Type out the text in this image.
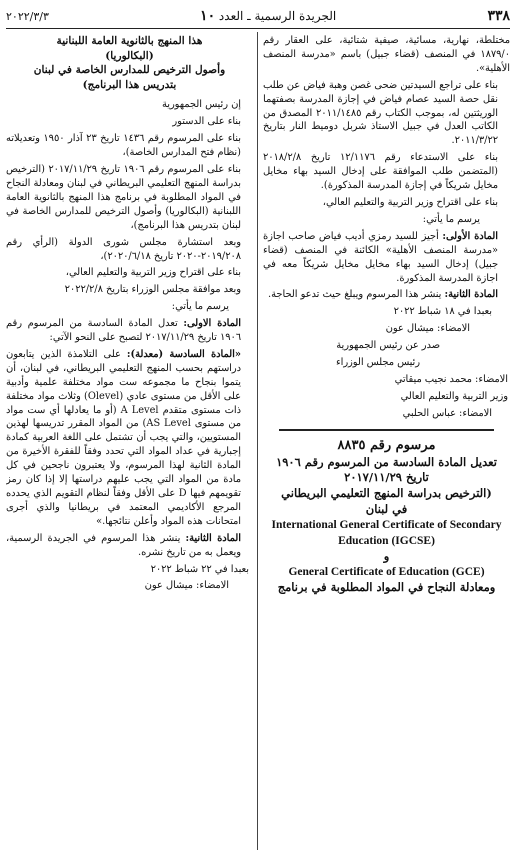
٣٣٨
الجريدة الرسمية ـ العدد ١٠
٢٠٢٢/٣/٣

مختلطة، نهارية، مسائية، صيفية شتائية، على العقار رقم ١٨٧٩/٠ في المنصف (قضاء جبيل) باسم «مدرسة المنصف الأهلية».

بناء على تراجع السيدتين ضحى غصن وهبة فياض عن طلب نقل حصة السيد عصام فياض في إجازة المدرسة بصفتهما الوريثتين له، بموجب الكتاب رقم ٢٠١١/١٤٨٥ المصدق من الكاتب العدل في جبيل الاستاذ شربل دوميط النار بتاريخ ٢٠١١/٣/٢٢.

بناء على الاستدعاء رقم ١٢/١١٧٦ تاريخ ٢٠١٨/٢/٨ (المتضمن طلب الموافقة على إدخال السيد بهاء مخايل مخايل شريكاً في إجازة المدرسة المذكورة).

بناء على اقتراح وزير التربية والتعليم العالي،

يرسم ما يأتي:

المادة الأولى: أجيز للسيد رمزي أديب فياض صاحب اجازة «مدرسة المنصف الأهلية» الكائنة في المنصف (قضاء جبيل) إدخال السيد بهاء مخايل مخايل شريكاً معه في اجازة المدرسة المذكورة.

المادة الثانية: ينشر هذا المرسوم ويبلغ حيث تدعو الحاجة.

بعبدا في ١٨ شباط ٢٠٢٢

الامضاء: ميشال عون

صدر عن رئيس الجمهورية

رئيس مجلس الوزراء

الامضاء: محمد نجيب ميقاتي

وزير التربية والتعليم العالي

الامضاء: عباس الحلبي

مرسوم رقم ٨٨٣٥
تعديل المادة السادسة من المرسوم رقم ١٩٠٦
تاريخ ٢٠١٧/١١/٢٩
(الترخيص بدراسة المنهج التعليمي البريطاني
في لبنان
International General Certificate of Secondary Education (IGCSE)
و
General Certificate of Education (GCE)
ومعادلة النجاح في المواد المطلوبة في برنامج
هذا المنهج بالثانوية العامة اللبنانية
(البكالوريا)
وأصول الترخيص للمدارس الخاصة في لبنان
بتدريس هذا البرنامج)

إن رئيس الجمهورية

بناء على الدستور

بناء على المرسوم رقم ١٤٣٦ تاريخ ٢٣ آذار ١٩٥٠ وتعديلاته (نظام فتح المدارس الخاصة)،

بناء على المرسوم رقم ١٩٠٦ تاريخ ٢٠١٧/١١/٢٩ (الترخيص بدراسة المنهج التعليمي البريطاني في لبنان ومعادلة النجاح في المواد المطلوبة في برنامج هذا المنهج بالثانوية العامة اللبنانية (البكالوريا) وأصول الترخيص للمدارس الخاصة في لبنان بتدريس هذا البرنامج)،

وبعد استشارة مجلس شورى الدولة (الرأي رقم ٢٠١٩/٢٠٨-٢٠٢٠ تاريخ ٢٠٢٠/٦/١٨)،

بناء على اقتراح وزير التربية والتعليم العالي،

وبعد موافقة مجلس الوزراء بتاريخ ٢٠٢٢/٢/٨

يرسم ما يأتي:

المادة الاولى: تعدل المادة السادسة من المرسوم رقم ١٩٠٦ تاريخ ٢٠١٧/١١/٢٩ لتصبح على النحو الآتي:

«المادة السادسة (معدلة): على التلامذة الذين يتابعون دراستهم بحسب المنهج التعليمي البريطاني، في لبنان، أن يتموا بنجاح ما مجموعه ست مواد مختلفة علمية وأدبية على الأقل من مستوى عادي (Olevel) وثلاث مواد مختلفة ذات مستوى متقدم A Level (أو ما يعادلها أي ست مواد من مستوى AS Level) من المواد المقرر تدريسها لهذين المستويين، والتي يجب أن تشتمل على اللغة العربية كمادة إجبارية في عداد المواد التي تحدد وفقاً للفقرة الأخيرة من المادة الثانية لهذا المرسوم، ولا يعتبرون ناجحين في كل مادة من المواد التي يجب عليهم دراستها إلا إذا كان رمز تقويمهم فيها D على الأقل وفقاً لنظام التقويم الذي يحدده المرجع الأكاديمي المعتمد في بريطانيا والذي أجرى امتحانات هذه المواد وأعلن نتائجها.»

المادة الثانية: ينشر هذا المرسوم في الجريدة الرسمية، ويعمل به من تاريخ نشره.

بعبدا في ٢٢ شباط ٢٠٢٢

الامضاء: ميشال عون
